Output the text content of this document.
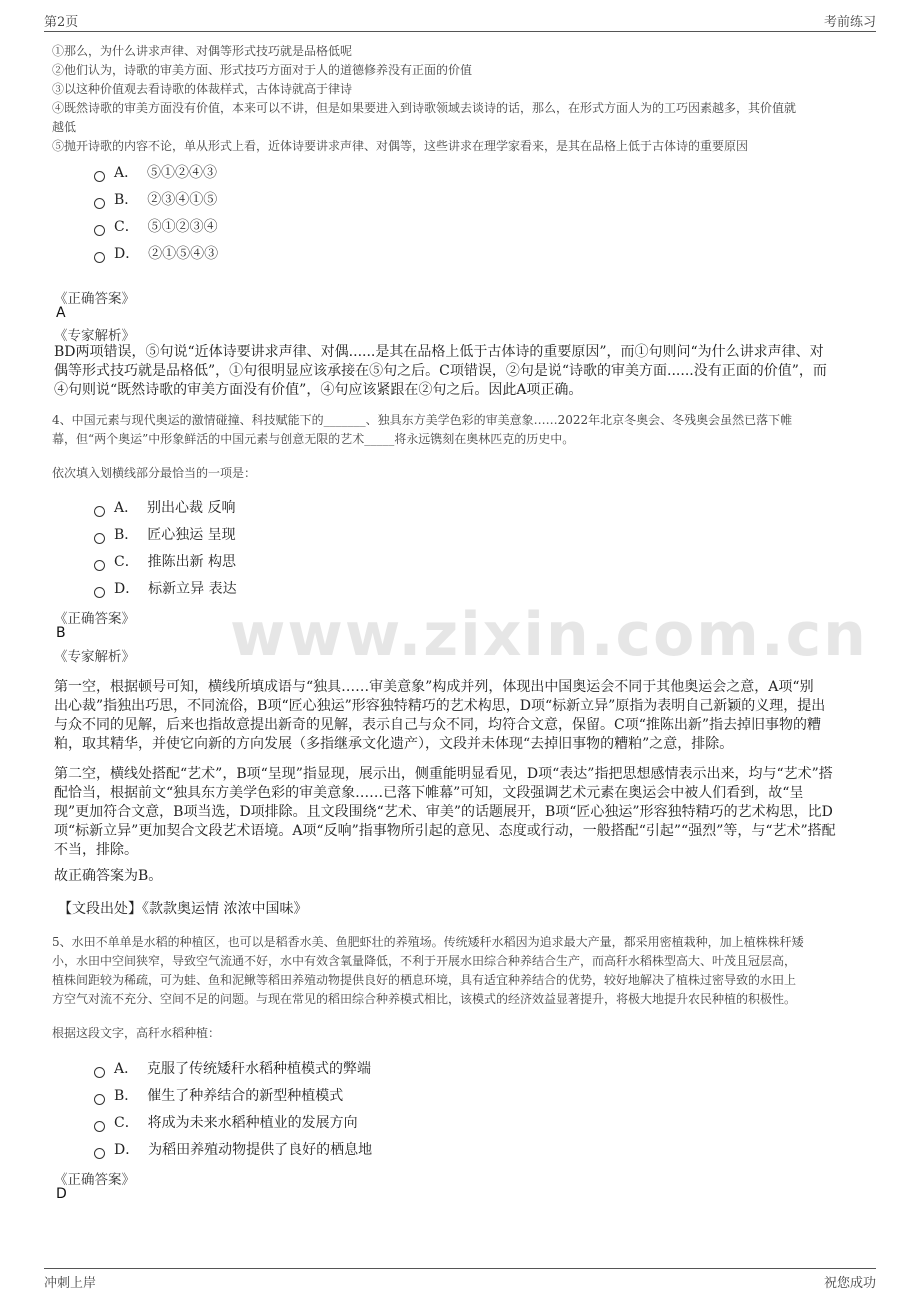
第2页	考前练习
www.zixin.com.cn
①那么，为什么讲求声律、对偶等形式技巧就是品格低呢
②他们认为，诗歌的审美方面、形式技巧方面对于人的道德修养没有正面的价值
③以这种价值观去看诗歌的体裁样式，古体诗就高于律诗
④既然诗歌的审美方面没有价值，本来可以不讲，但是如果要进入到诗歌领域去谈诗的话，那么，在形式方面人为的工巧因素越多，其价值就
越低
⑤抛开诗歌的内容不论，单从形式上看，近体诗要讲求声律、对偶等，这些讲求在理学家看来，是其在品格上低于古体诗的重要原因
A．  ⑤①②④③
B．  ②③④①⑤
C．  ⑤①②③④
D．  ②①⑤④③
《正确答案》
A
《专家解析》
BD两项错误，⑤句说“近体诗要讲求声律、对偶......是其在品格上低于古体诗的重要原因”，而①句则问“为什么讲求声律、对
偶等形式技巧就是品格低”，①句很明显应该承接在⑤句之后。C项错误，②句是说“诗歌的审美方面......没有正面的价值”，而
④句则说“既然诗歌的审美方面没有价值”，④句应该紧跟在②句之后。因此A项正确。
4、中国元素与现代奥运的激情碰撞、科技赋能下的_______、独具东方美学色彩的审美意象……2022年北京冬奥会、冬残奥会虽然已落下帷
幕，但“两个奥运”中形象鲜活的中国元素与创意无限的艺术_____将永远镌刻在奥林匹克的历史中。
依次填入划横线部分最恰当的一项是：
A．  别出心裁 反响
B．  匠心独运 呈现
C．  推陈出新 构思
D．  标新立异 表达
《正确答案》
B
《专家解析》
第一空，根据顿号可知，横线所填成语与“独具……审美意象”构成并列，体现出中国奥运会不同于其他奥运会之意，A项“别
出心裁”指独出巧思，不同流俗，B项“匠心独运”形容独特精巧的艺术构思，D项“标新立异”原指为表明自己新颖的义理，提出
与众不同的见解，后来也指故意提出新奇的见解，表示自己与众不同，均符合文意，保留。C项“推陈出新”指去掉旧事物的糟
粕，取其精华，并使它向新的方向发展（多指继承文化遗产），文段并未体现“去掉旧事物的糟粕”之意，排除。
第二空，横线处搭配“艺术”，B项“呈现”指显现，展示出，侧重能明显看见，D项“表达”指把思想感情表示出来，均与“艺术”搭
配恰当，根据前文“独具东方美学色彩的审美意象……已落下帷幕”可知，文段强调艺术元素在奥运会中被人们看到，故“呈
现”更加符合文意，B项当选，D项排除。且文段围绕“艺术、审美”的话题展开，B项“匠心独运”形容独特精巧的艺术构思，比D
项“标新立异”更加契合文段艺术语境。A项“反响”指事物所引起的意见、态度或行动，一般搭配“引起”“强烈”等，与“艺术”搭配
不当，排除。
故正确答案为B。
【文段出处】《款款奥运情 浓浓中国味》
5、水田不单单是水稻的种植区，也可以是稻香水美、鱼肥虾壮的养殖场。传统矮秆水稻因为追求最大产量，都采用密植栽种，加上植株株秆矮
小，水田中空间狭窄，导致空气流通不好，水中有效含氧量降低，不利于开展水田综合种养结合生产，而高秆水稻株型高大、叶茂且冠层高，
植株间距较为稀疏，可为蛙、鱼和泥鳅等稻田养殖动物提供良好的栖息环境，具有适宜种养结合的优势，较好地解决了植株过密导致的水田上
方空气对流不充分、空间不足的问题。与现在常见的稻田综合种养模式相比，该模式的经济效益显著提升，将极大地提升农民种植的积极性。
根据这段文字，高秆水稻种植：
A．  克服了传统矮秆水稻种植模式的弊端
B．  催生了种养结合的新型种植模式
C．  将成为未来水稻种植业的发展方向
D．  为稻田养殖动物提供了良好的栖息地
《正确答案》
D
冲刺上岸	祝您成功
